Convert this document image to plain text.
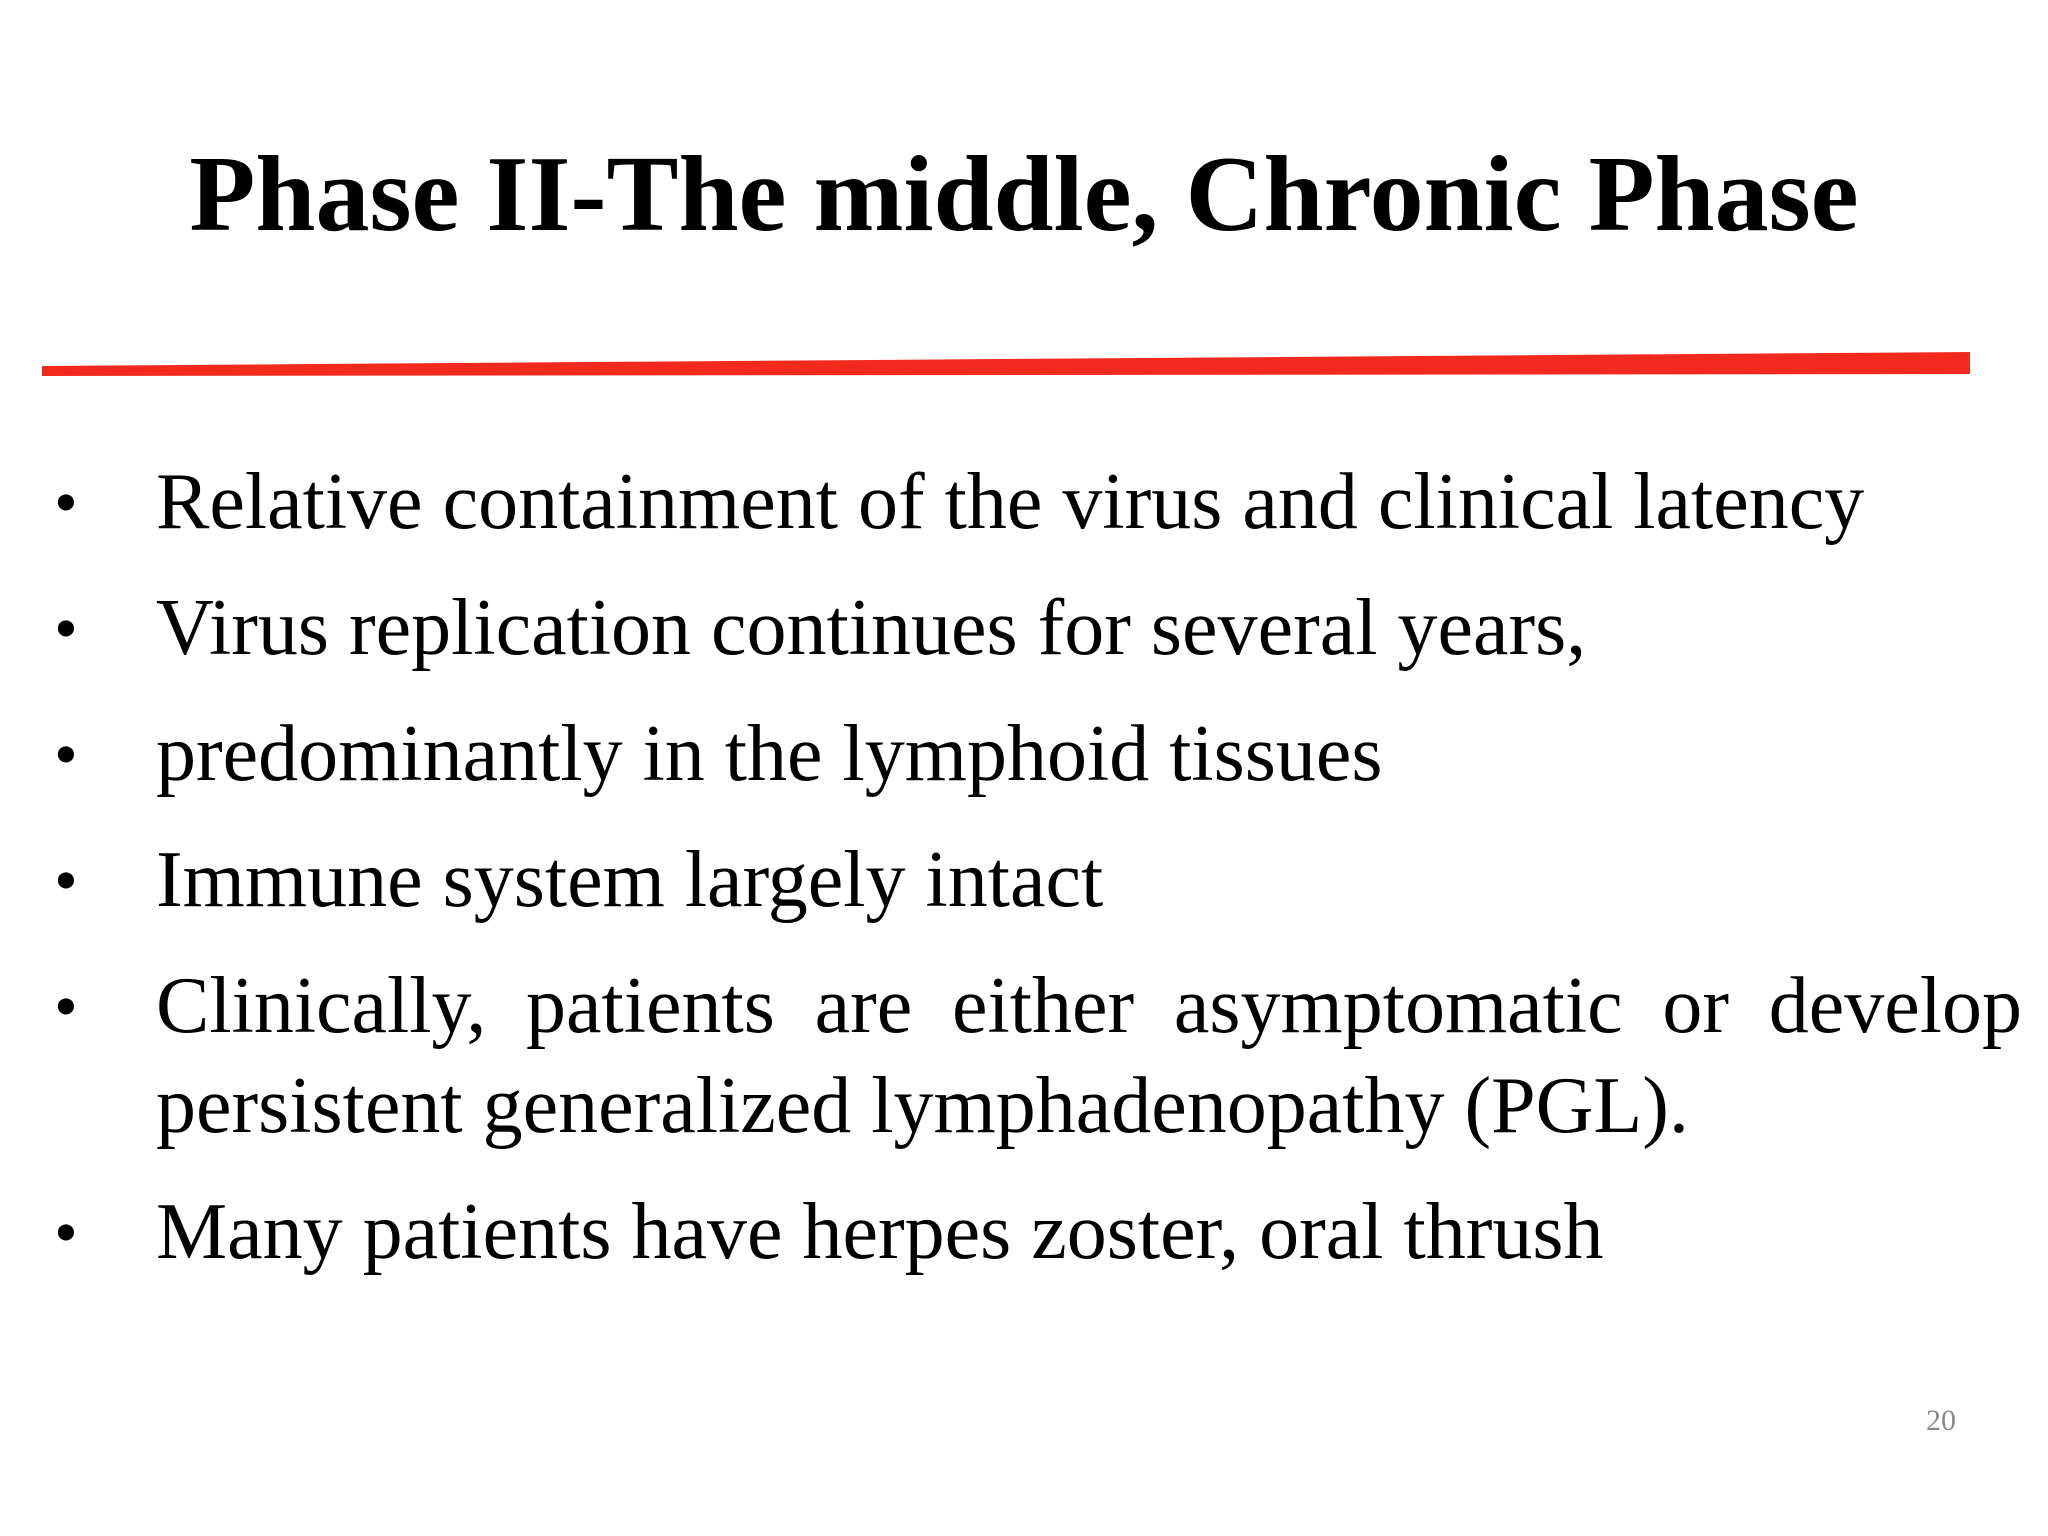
Phase II-The middle, Chronic Phase
• Relative containment of the virus and clinical latency
• Virus replication continues for several years,
• predominantly in the lymphoid tissues
• Immune system largely intact
• Clinically, patients are either asymptomatic or develop persistent generalized lymphadenopathy (PGL).
• Many patients have herpes zoster, oral thrush
20
